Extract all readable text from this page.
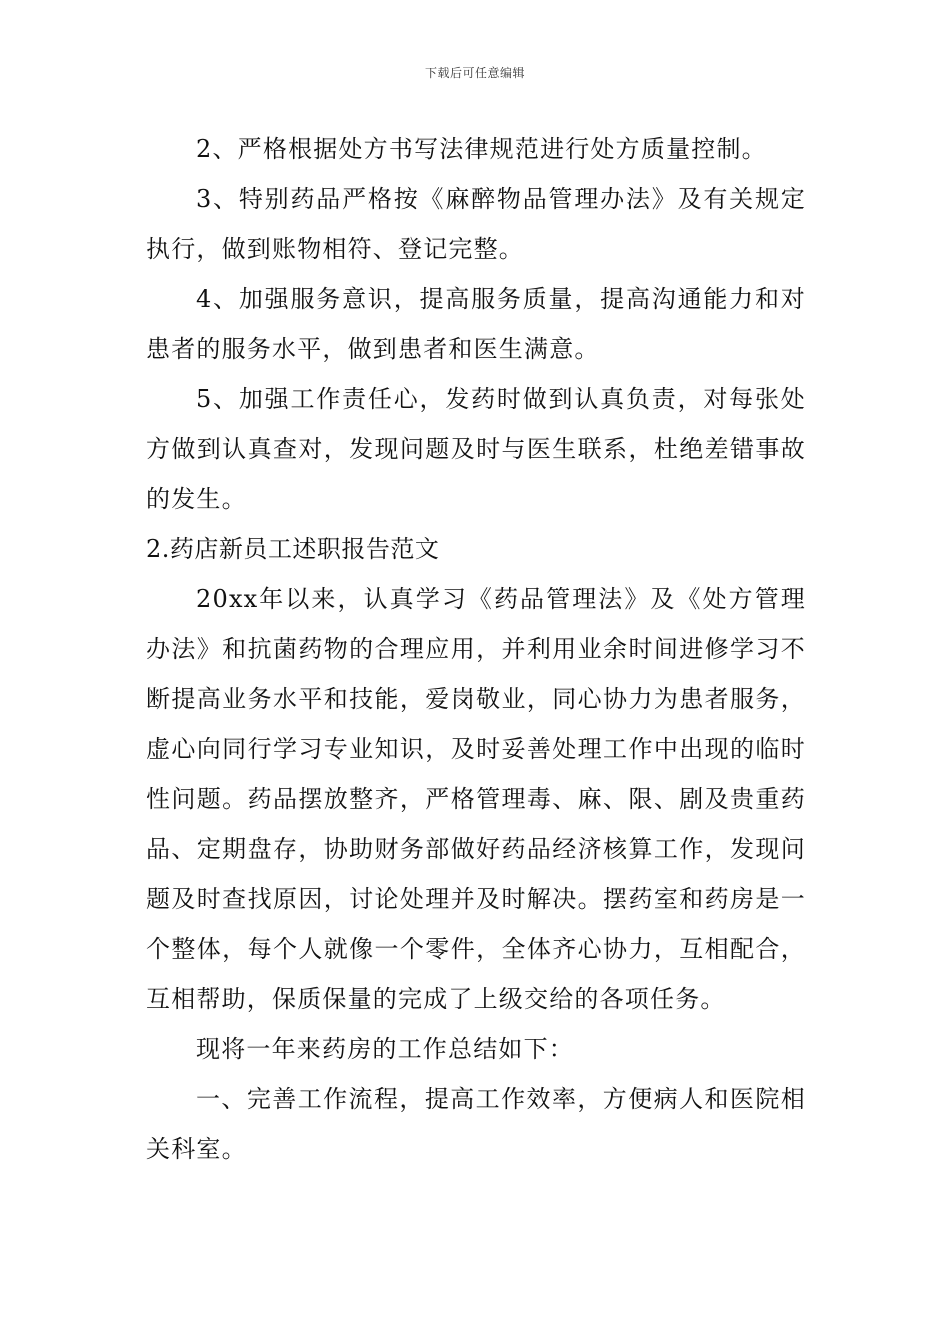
下载后可任意编辑

2、严格根据处方书写法律规范进行处方质量控制。

3、特别药品严格按《麻醉物品管理办法》及有关规定执行，做到账物相符、登记完整。

4、加强服务意识，提高服务质量，提高沟通能力和对患者的服务水平，做到患者和医生满意。

5、加强工作责任心，发药时做到认真负责，对每张处方做到认真查对，发现问题及时与医生联系，杜绝差错事故的发生。

2.药店新员工述职报告范文

20xx年以来，认真学习《药品管理法》及《处方管理办法》和抗菌药物的合理应用，并利用业余时间进修学习不断提高业务水平和技能，爱岗敬业，同心协力为患者服务，虚心向同行学习专业知识，及时妥善处理工作中出现的临时性问题。药品摆放整齐，严格管理毒、麻、限、剧及贵重药品、定期盘存，协助财务部做好药品经济核算工作，发现问题及时查找原因，讨论处理并及时解决。摆药室和药房是一个整体，每个人就像一个零件，全体齐心协力，互相配合，互相帮助，保质保量的完成了上级交给的各项任务。

现将一年来药房的工作总结如下：

一、完善工作流程，提高工作效率，方便病人和医院相关科室。
